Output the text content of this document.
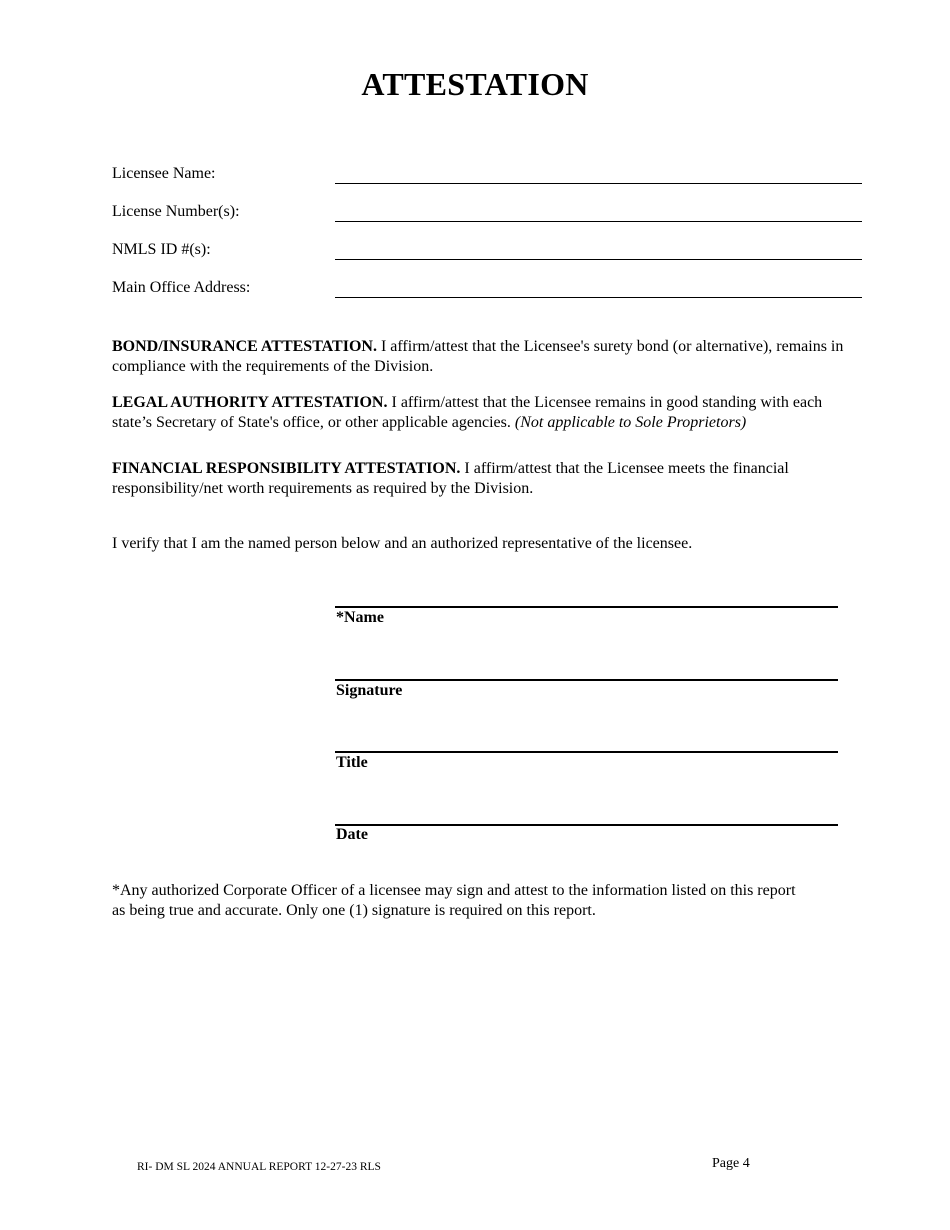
ATTESTATION
Licensee Name:
License Number(s):
NMLS ID #(s):
Main Office Address:
BOND/INSURANCE ATTESTATION. I affirm/attest that the Licensee's surety bond (or alternative), remains in compliance with the requirements of the Division.
LEGAL AUTHORITY ATTESTATION. I affirm/attest that the Licensee remains in good standing with each state’s Secretary of State's office, or other applicable agencies. (Not applicable to Sole Proprietors)
FINANCIAL RESPONSIBILITY ATTESTATION. I affirm/attest that the Licensee meets the financial responsibility/net worth requirements as required by the Division.
I verify that I am the named person below and an authorized representative of the licensee.
*Name
Signature
Title
Date
*Any authorized Corporate Officer of a licensee may sign and attest to the information listed on this report as being true and accurate. Only one (1) signature is required on this report.
RI- DM SL 2024 ANNUAL REPORT 12-27-23 RLS	Page 4
